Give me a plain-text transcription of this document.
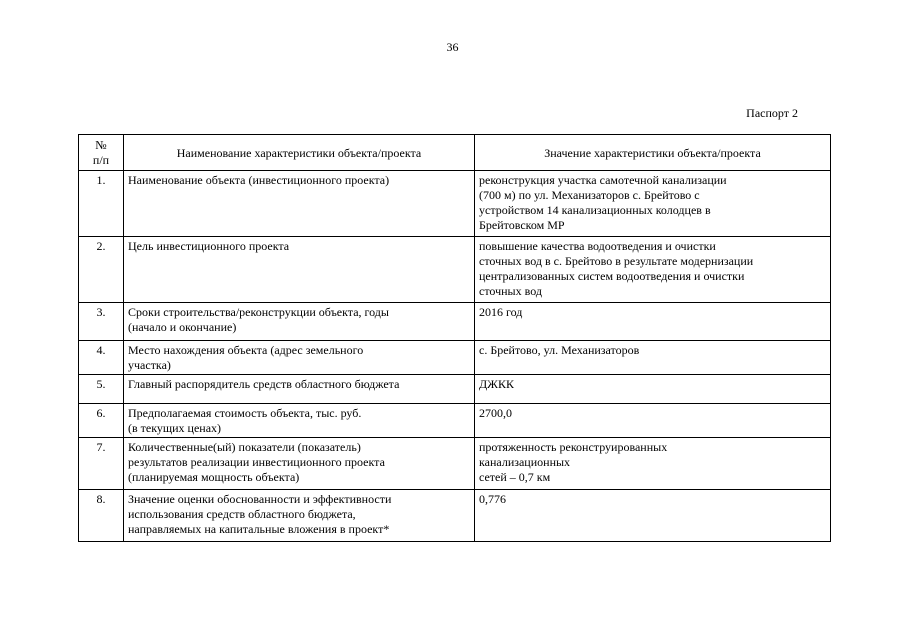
36
Паспорт 2
№
п/п	Наименование характеристики объекта/проекта	Значение характеристики объекта/проекта

1.	Наименование объекта (инвестиционного проекта)	реконструкция участка самотечной канализации
(700 м) по ул. Механизаторов с. Брейтово с
устройством 14 канализационных колодцев в
Брейтовском МР

2.	Цель инвестиционного проекта	повышение качества водоотведения и очистки
сточных вод в с. Брейтово в результате модернизации
централизованных систем водоотведения и очистки
сточных вод

3.	Сроки строительства/реконструкции объекта, годы
(начало и окончание)	2016 год

4.	Место нахождения объекта (адрес земельного
участка)	с. Брейтово, ул. Механизаторов

5.	Главный распорядитель средств областного бюджета	ДЖКК

6.	Предполагаемая стоимость объекта, тыс. руб.
(в текущих ценах)	2700,0

7.	Количественные(ый) показатели (показатель)
результатов реализации инвестиционного проекта
(планируемая мощность объекта)	протяженность реконструированных
канализационных
сетей – 0,7 км

8.	Значение оценки обоснованности и эффективности
использования средств областного бюджета,
направляемых на капитальные вложения в проект*	0,776
